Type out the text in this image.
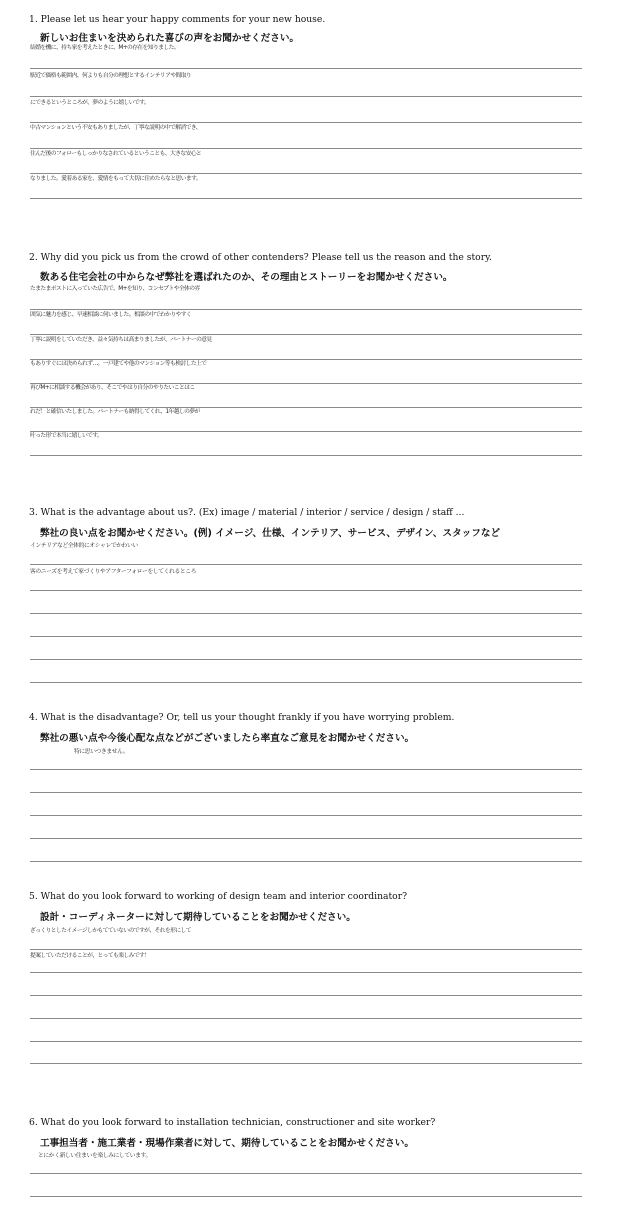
1. Please let us hear your happy comments for your new house.
新しいお住まいを決められた喜びの声をお聞かせください。
結婚を機に、持ち家を考えたときに、M+の存在を知りました。
駅近で価格も範囲内、何よりも自分の理想とするインテリアや間取り
にできるというところが、夢のように嬉しいです。
中古マンションという不安もありましたが、丁寧な説明の中で解消でき、
住んだ後のフォローもしっかりなされているということも、大きな安心と
なりました。愛着ある家を、愛情をもって大切に住めたらなと思います。
2. Why did you pick us from the crowd of other contenders? Please tell us the reason and the story.
数ある住宅会社の中からなぜ弊社を選ばれたのか、その理由とストーリーをお聞かせください。
たまたまポストに入っていた広告で、M+を知り、コンセプトや全体の雰
囲気に魅力を感じ、早速相談に伺いました。相談の中でわかりやすく
丁寧に説明をしていただき、益々気持ちは高まりましたが、パートナーの意見
もありすぐには決められず…。一戸建てや他のマンション等も検討した上で
再びM+に相談する機会があり、そこでやはり自分のやりたいことはこ
れだ！と確信いたしました。パートナーも納得してくれ、1年越しの夢が
叶った形で本当に嬉しいです。
3. What is the advantage about us?. (Ex) image / material / interior / service / design / staff ...
弊社の良い点をお聞かせください。(例) イメージ、仕様、インテリア、サービス、デザイン、スタッフなど
インテリアなど全体的にオシャレでかわいい
客のニーズを考えて家づくりやアフターフォローをしてくれるところ
4. What is the disadvantage? Or, tell us your thought frankly if you have worrying problem.
弊社の悪い点や今後心配な点などがございましたら率直なご意見をお聞かせください。
特に思いつきません。
5. What do you look forward to working of design team and interior coordinator?
設計・コーディネーターに対して期待していることをお聞かせください。
ざっくりとしたイメージしかもてていないのですが、それを形にして
提案していただけることが、とっても楽しみです！
6. What do you look forward to installation technician, constructioner and site worker?
工事担当者・施工業者・現場作業者に対して、期待していることをお聞かせください。
とにかく新しい住まいを楽しみにしています。
